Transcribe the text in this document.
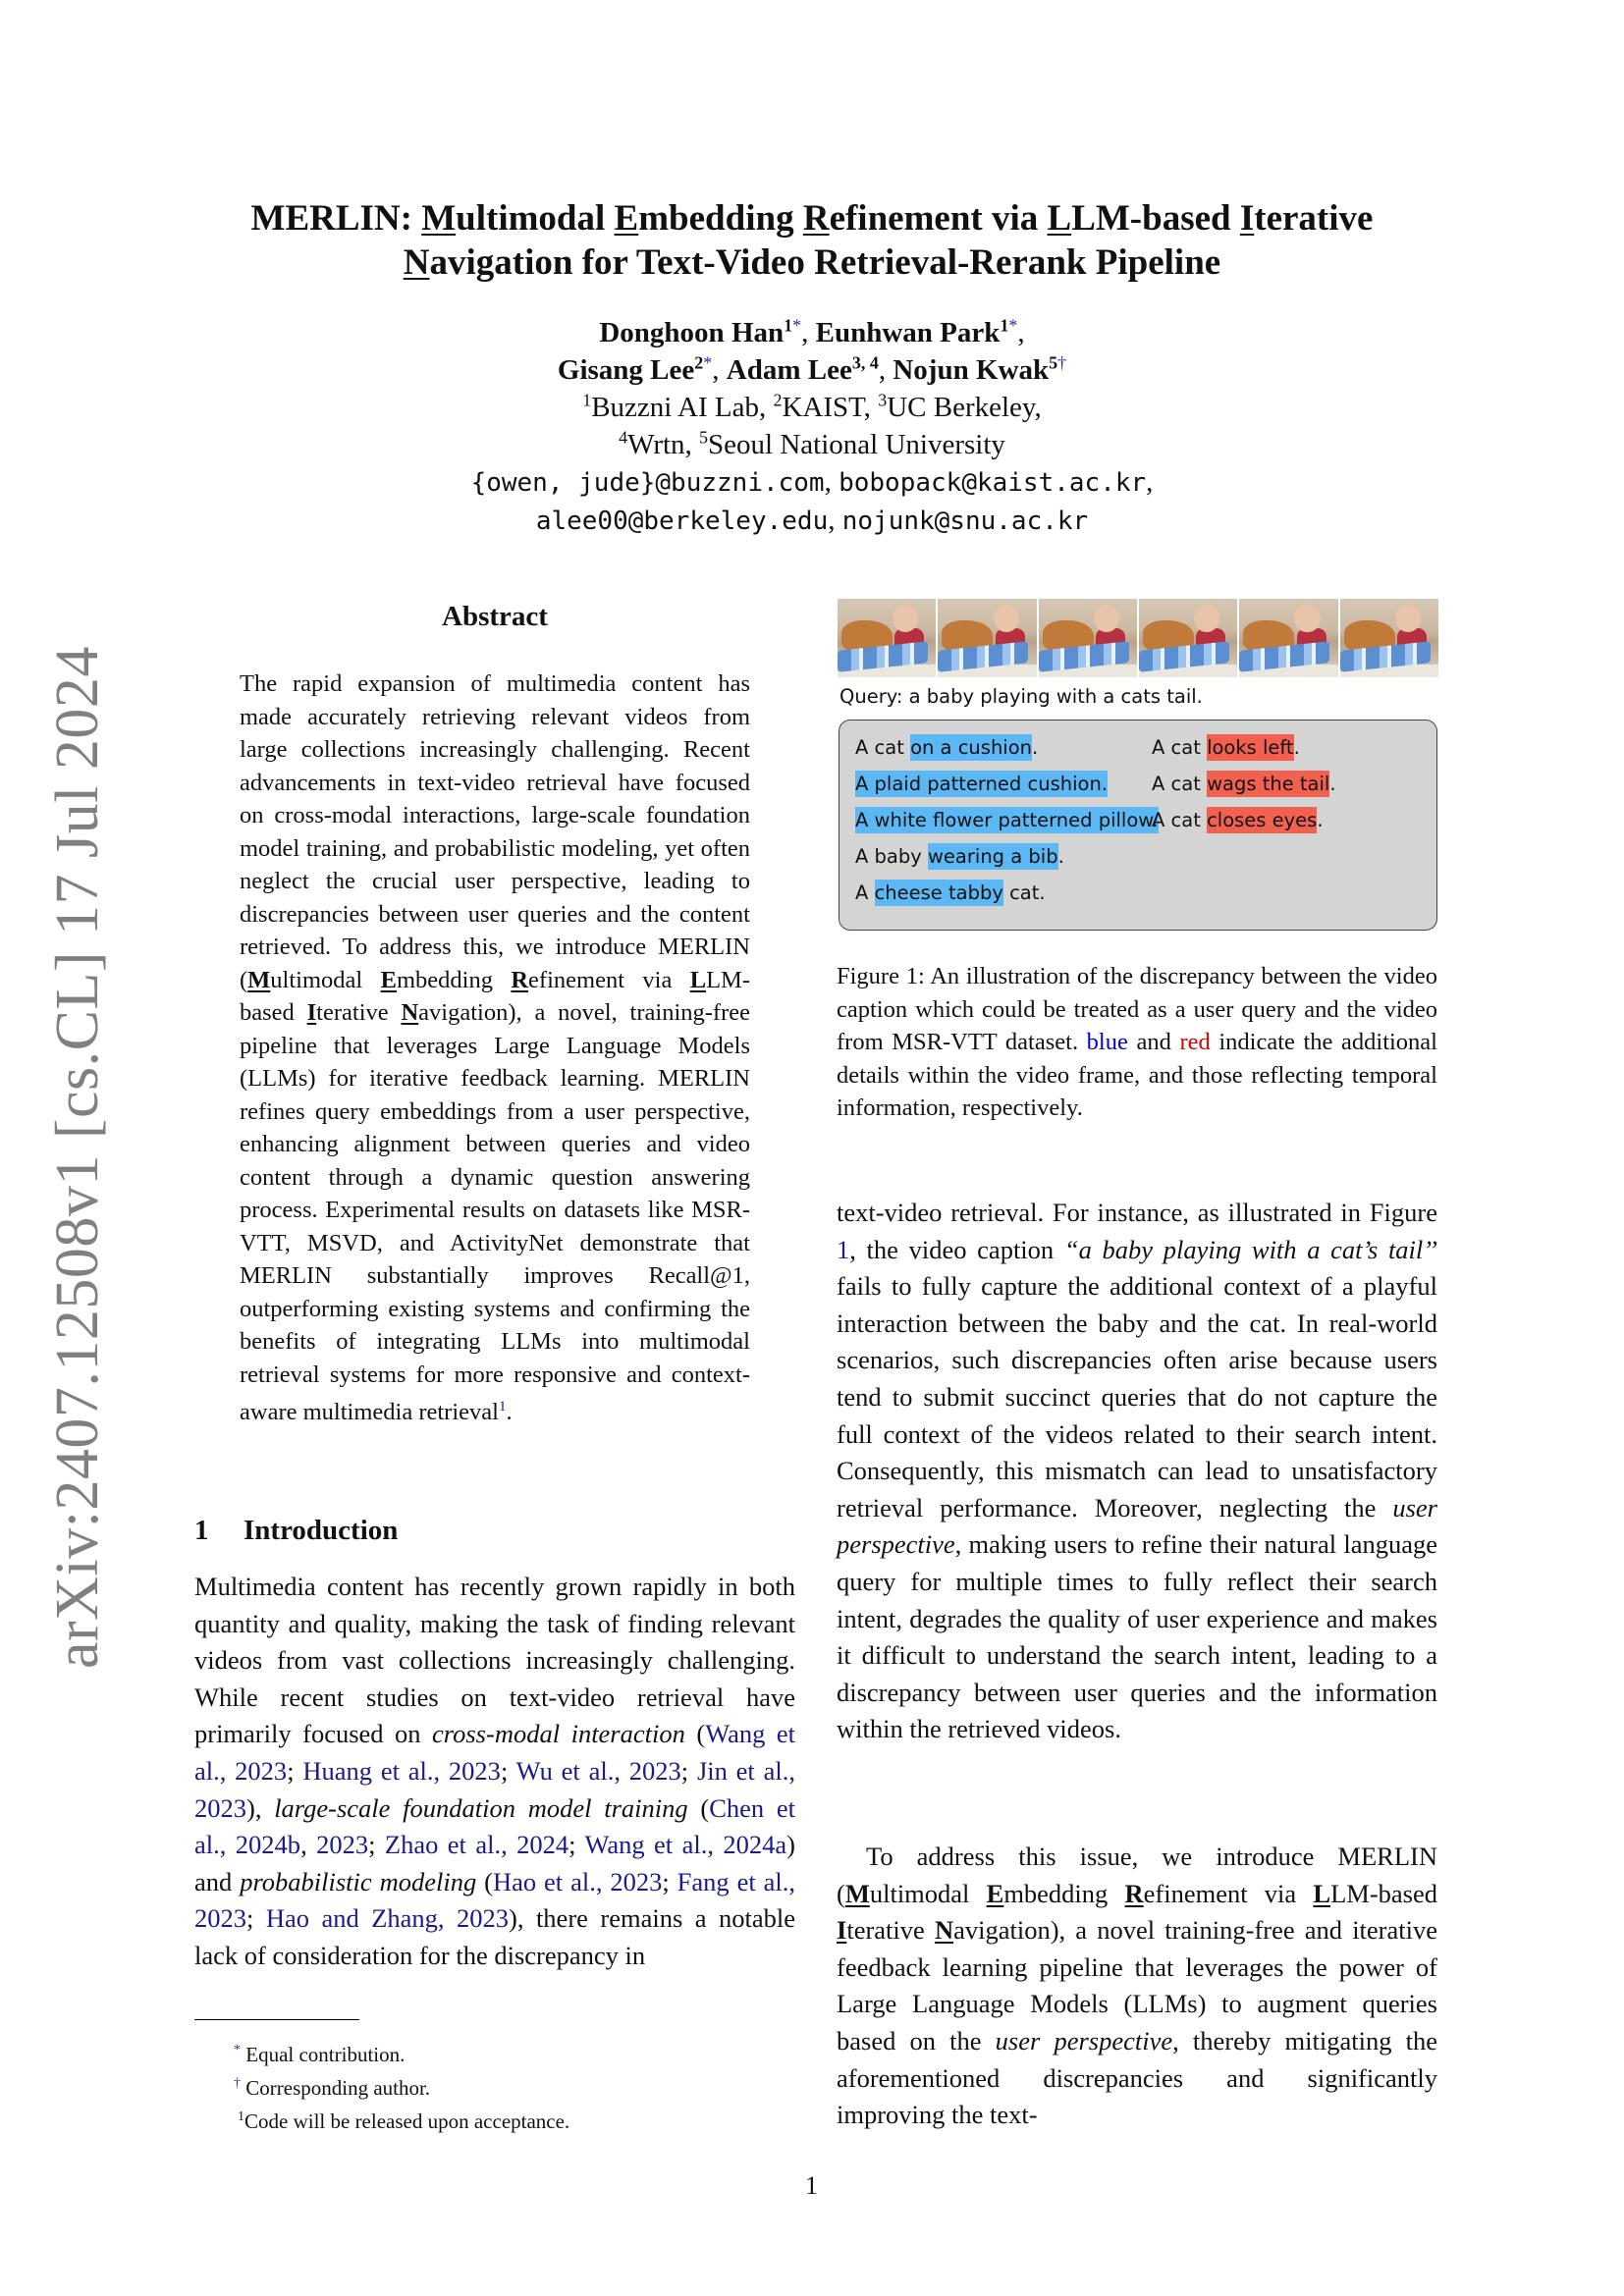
arXiv:2407.12508v1 [cs.CL] 17 Jul 2024
MERLIN: Multimodal Embedding Refinement via LLM-based Iterative
Navigation for Text-Video Retrieval-Rerank Pipeline
Donghoon Han$^{1*}$, Eunhwan Park$^{1*}$,
Gisang Lee$^{2*}$, Adam Lee$^{3, 4}$, Nojun Kwak$^{5\dagger}$
$^1$Buzzni AI Lab, $^2$KAIST, $^3$UC Berkeley,
$^4$Wrtn, $^5$Seoul National University
{owen, jude}@buzzni.com, bobopack@kaist.ac.kr,
alee00@berkeley.edu, nojunk@snu.ac.kr
Abstract
The rapid expansion of multimedia content has made accurately retrieving relevant videos from large collections increasingly challenging. Recent advancements in text-video retrieval have focused on cross-modal interactions, large-scale foundation model training, and probabilistic modeling, yet often neglect the crucial user perspective, leading to discrepancies between user queries and the content retrieved. To address this, we introduce MERLIN (Multimodal Embedding Refinement via LLM-based Iterative Navigation), a novel, training-free pipeline that leverages Large Language Models (LLMs) for iterative feedback learning. MERLIN refines query embeddings from a user perspective, enhancing alignment between queries and video content through a dynamic question answering process. Experimental results on datasets like MSR-VTT, MSVD, and ActivityNet demonstrate that MERLIN substantially improves Recall@1, outperforming existing systems and confirming the benefits of integrating LLMs into multimodal retrieval systems for more responsive and context-aware multimedia retrieval$^1$.
1 Introduction
Multimedia content has recently grown rapidly in both quantity and quality, making the task of finding relevant videos from vast collections increasingly challenging. While recent studies on text-video retrieval have primarily focused on cross-modal interaction (Wang et al., 2023; Huang et al., 2023; Wu et al., 2023; Jin et al., 2023), large-scale foundation model training (Chen et al., 2024b, 2023; Zhao et al., 2024; Wang et al., 2024a) and probabilistic modeling (Hao et al., 2023; Fang et al., 2023; Hao and Zhang, 2023), there remains a notable lack of consideration for the discrepancy in
* Equal contribution.
† Corresponding author.
$^1$Code will be released upon acceptance.
Query: a baby playing with a cats tail.
A cat on a cushion.
A plaid patterned cushion.
A white flower patterned pillow.
A baby wearing a bib.
A cheese tabby cat.
A cat looks left.
A cat wags the tail.
A cat closes eyes.
Figure 1: An illustration of the discrepancy between the video caption which could be treated as a user query and the video from MSR-VTT dataset. blue and red indicate the additional details within the video frame, and those reflecting temporal information, respectively.
text-video retrieval. For instance, as illustrated in Figure 1, the video caption “a baby playing with a cat’s tail’’ fails to fully capture the additional context of a playful interaction between the baby and the cat. In real-world scenarios, such discrepancies often arise because users tend to submit succinct queries that do not capture the full context of the videos related to their search intent. Consequently, this mismatch can lead to unsatisfactory retrieval performance. Moreover, neglecting the user perspective, making users to refine their natural language query for multiple times to fully reflect their search intent, degrades the quality of user experience and makes it difficult to understand the search intent, leading to a discrepancy between user queries and the information within the retrieved videos.
To address this issue, we introduce MERLIN (Multimodal Embedding Refinement via LLM-based Iterative Navigation), a novel training-free and iterative feedback learning pipeline that leverages the power of Large Language Models (LLMs) to augment queries based on the user perspective, thereby mitigating the aforementioned discrepancies and significantly improving the text-
1
